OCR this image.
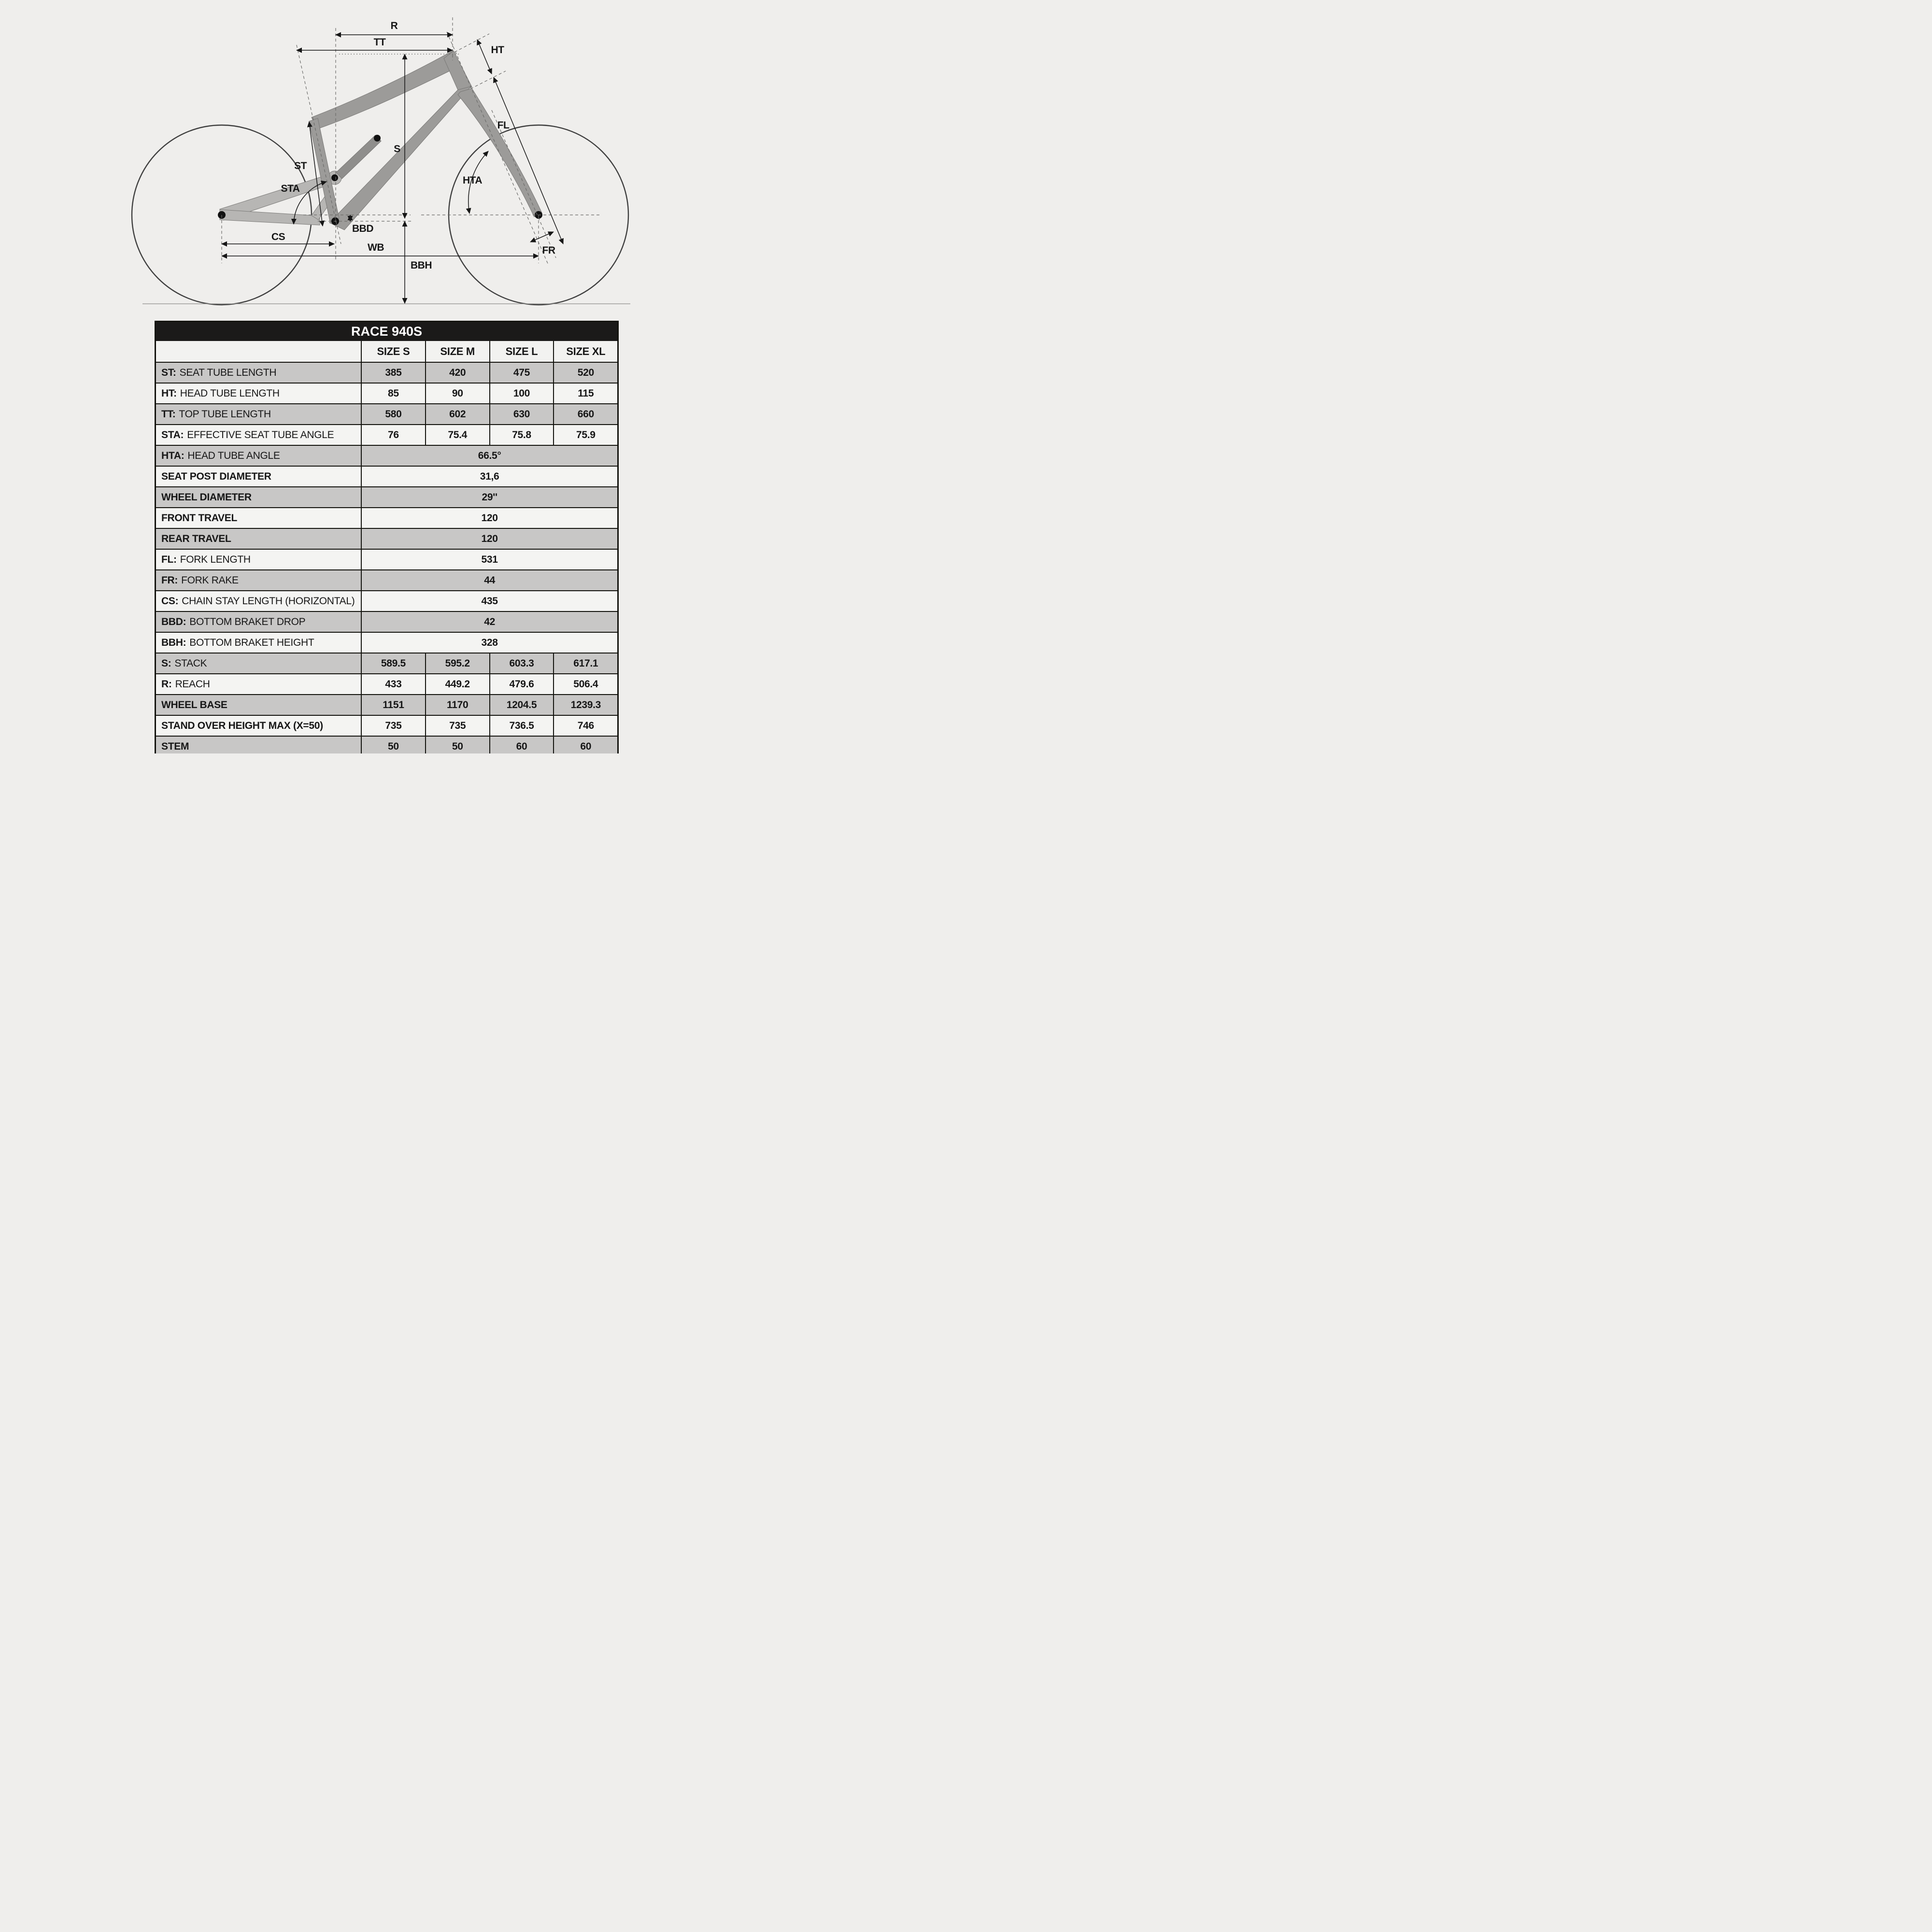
R
TT
HT
FL
S
ST
STA
HTA
BBD
CS
WB
BBH
FR
RACE 940S
SIZE S	SIZE M	SIZE L	SIZE XL
ST: SEAT TUBE LENGTH	385	420	475	520
HT: HEAD TUBE LENGTH	85	90	100	115
TT: TOP TUBE LENGTH	580	602	630	660
STA: EFFECTIVE SEAT TUBE ANGLE	76	75.4	75.8	75.9
HTA: HEAD TUBE ANGLE	66.5°
SEAT POST DIAMETER	31,6
WHEEL DIAMETER	29''
FRONT TRAVEL	120
REAR TRAVEL	120
FL: FORK LENGTH	531
FR: FORK RAKE	44
CS: CHAIN STAY LENGTH (HORIZONTAL)	435
BBD: BOTTOM BRAKET DROP	42
BBH: BOTTOM BRAKET HEIGHT	328
S: STACK	589.5	595.2	603.3	617.1
R: REACH	433	449.2	479.6	506.4
WHEEL BASE	1151	1170	1204.5	1239.3
STAND OVER HEIGHT MAX (X=50)	735	735	736.5	746
STEM	50	50	60	60
